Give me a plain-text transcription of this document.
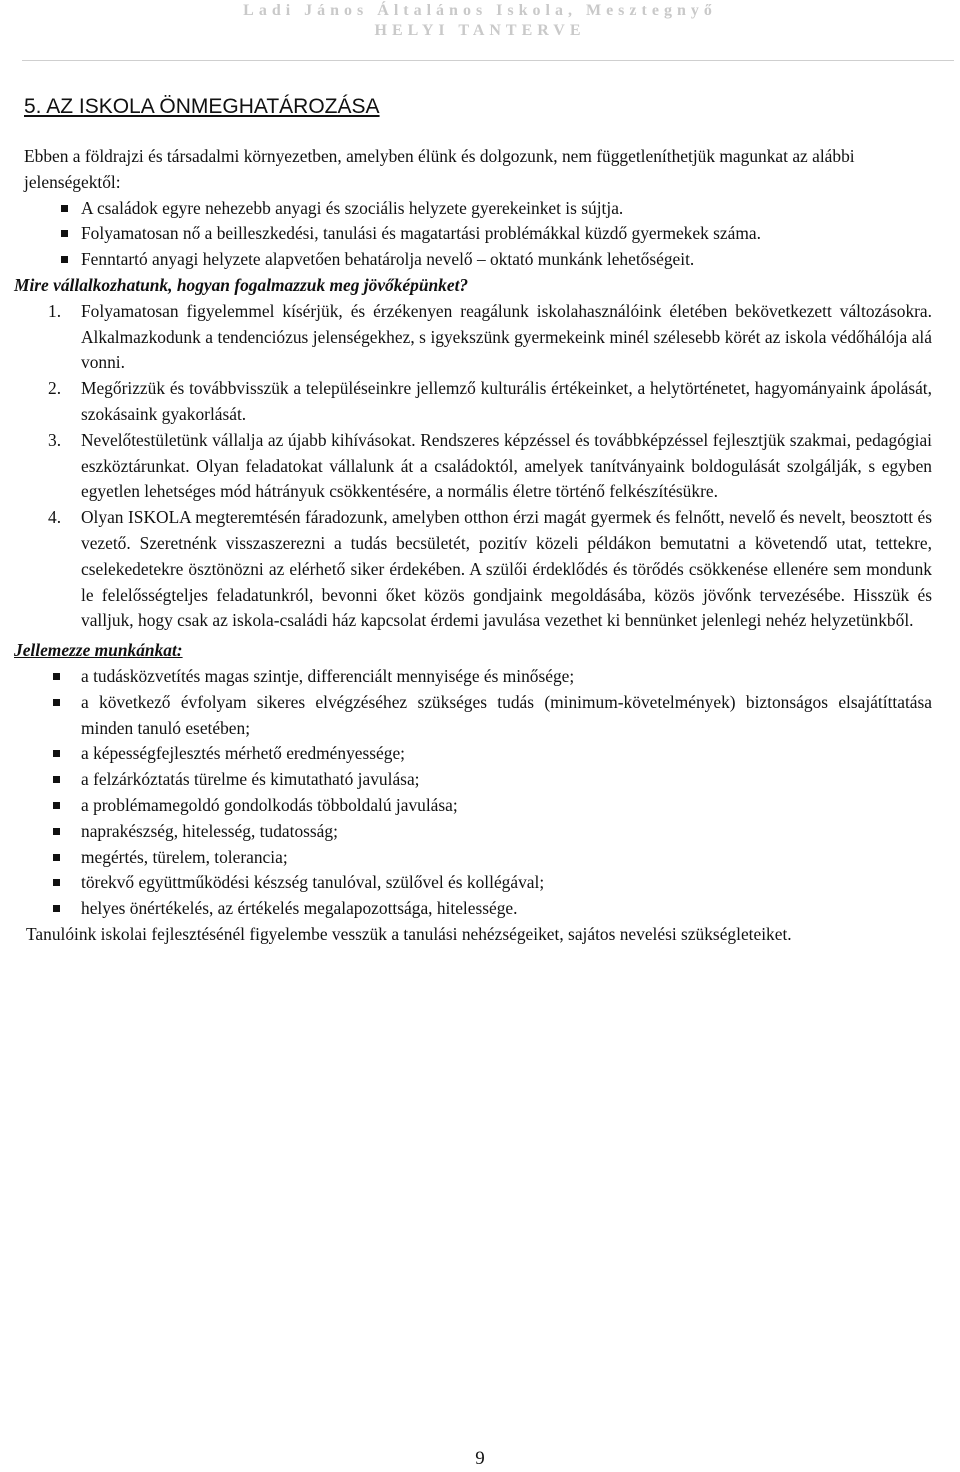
Ladi János Általános Iskola, Mesztegnyő
HELYI TANTERVE
5. AZ ISKOLA ÖNMEGHATÁROZÁSA

Ebben a földrajzi és társadalmi környezetben, amelyben élünk és dolgozunk, nem függetleníthetjük magunkat az alábbi jelenségektől:

A családok egyre nehezebb anyagi és szociális helyzete gyerekeinket is sújtja.
Folyamatosan nő a beilleszkedési, tanulási és magatartási problémákkal küzdő gyermekek száma.
Fenntartó anyagi helyzete alapvetően behatárolja nevelő – oktató munkánk lehetőségeit.

Mire vállalkozhatunk, hogyan fogalmazzuk meg jövőképünket?

1. Folyamatosan figyelemmel kísérjük, és érzékenyen reagálunk iskolahasználóink életében bekövetkezett változásokra. Alkalmazkodunk a tendenciózus jelenségekhez, s igyekszünk gyermekeink minél szélesebb körét az iskola védőhálója alá vonni.
2. Megőrizzük és továbbvisszük a településeinkre jellemző kulturális értékeinket, a helytörténetet, hagyományaink ápolását, szokásaink gyakorlását.
3. Nevelőtestületünk vállalja az újabb kihívásokat. Rendszeres képzéssel és továbbképzéssel fejlesztjük szakmai, pedagógiai eszköztárunkat. Olyan feladatokat vállalunk át a családoktól, amelyek tanítványaink boldogulását szolgálják, s egyben egyetlen lehetséges mód hátrányuk csökkentésére, a normális életre történő felkészítésükre.
4. Olyan ISKOLA megteremtésén fáradozunk, amelyben otthon érzi magát gyermek és felnőtt, nevelő és nevelt, beosztott és vezető. Szeretnénk visszaszerezni a tudás becsületét, pozitív közeli példákon bemutatni a követendő utat, tettekre, cselekedetekre ösztönözni az elérhető siker érdekében. A szülői érdeklődés és törődés csökkenése ellenére sem mondunk le felelősségteljes feladatunkról, bevonni őket közös gondjaink megoldásába, közös jövőnk tervezésébe. Hisszük és valljuk, hogy csak az iskola-családi ház kapcsolat érdemi javulása vezethet ki bennünket jelenlegi nehéz helyzetünkből.

Jellemezze munkánkat:

a tudásközvetítés magas szintje, differenciált mennyisége és minősége;
a következő évfolyam sikeres elvégzéséhez szükséges tudás (minimum-követelmények) biztonságos elsajátíttatása minden tanuló esetében;
a képességfejlesztés mérhető eredményessége;
a felzárkóztatás türelme és kimutatható javulása;
a problémamegoldó gondolkodás többoldalú javulása;
naprakészség, hitelesség, tudatosság;
megértés, türelem, tolerancia;
törekvő együttműködési készség tanulóval, szülővel és kollégával;
helyes önértékelés, az értékelés megalapozottsága, hitelessége.

Tanulóink iskolai fejlesztésénél figyelembe vesszük a tanulási nehézségeiket, sajátos nevelési szükségleteiket.

9
